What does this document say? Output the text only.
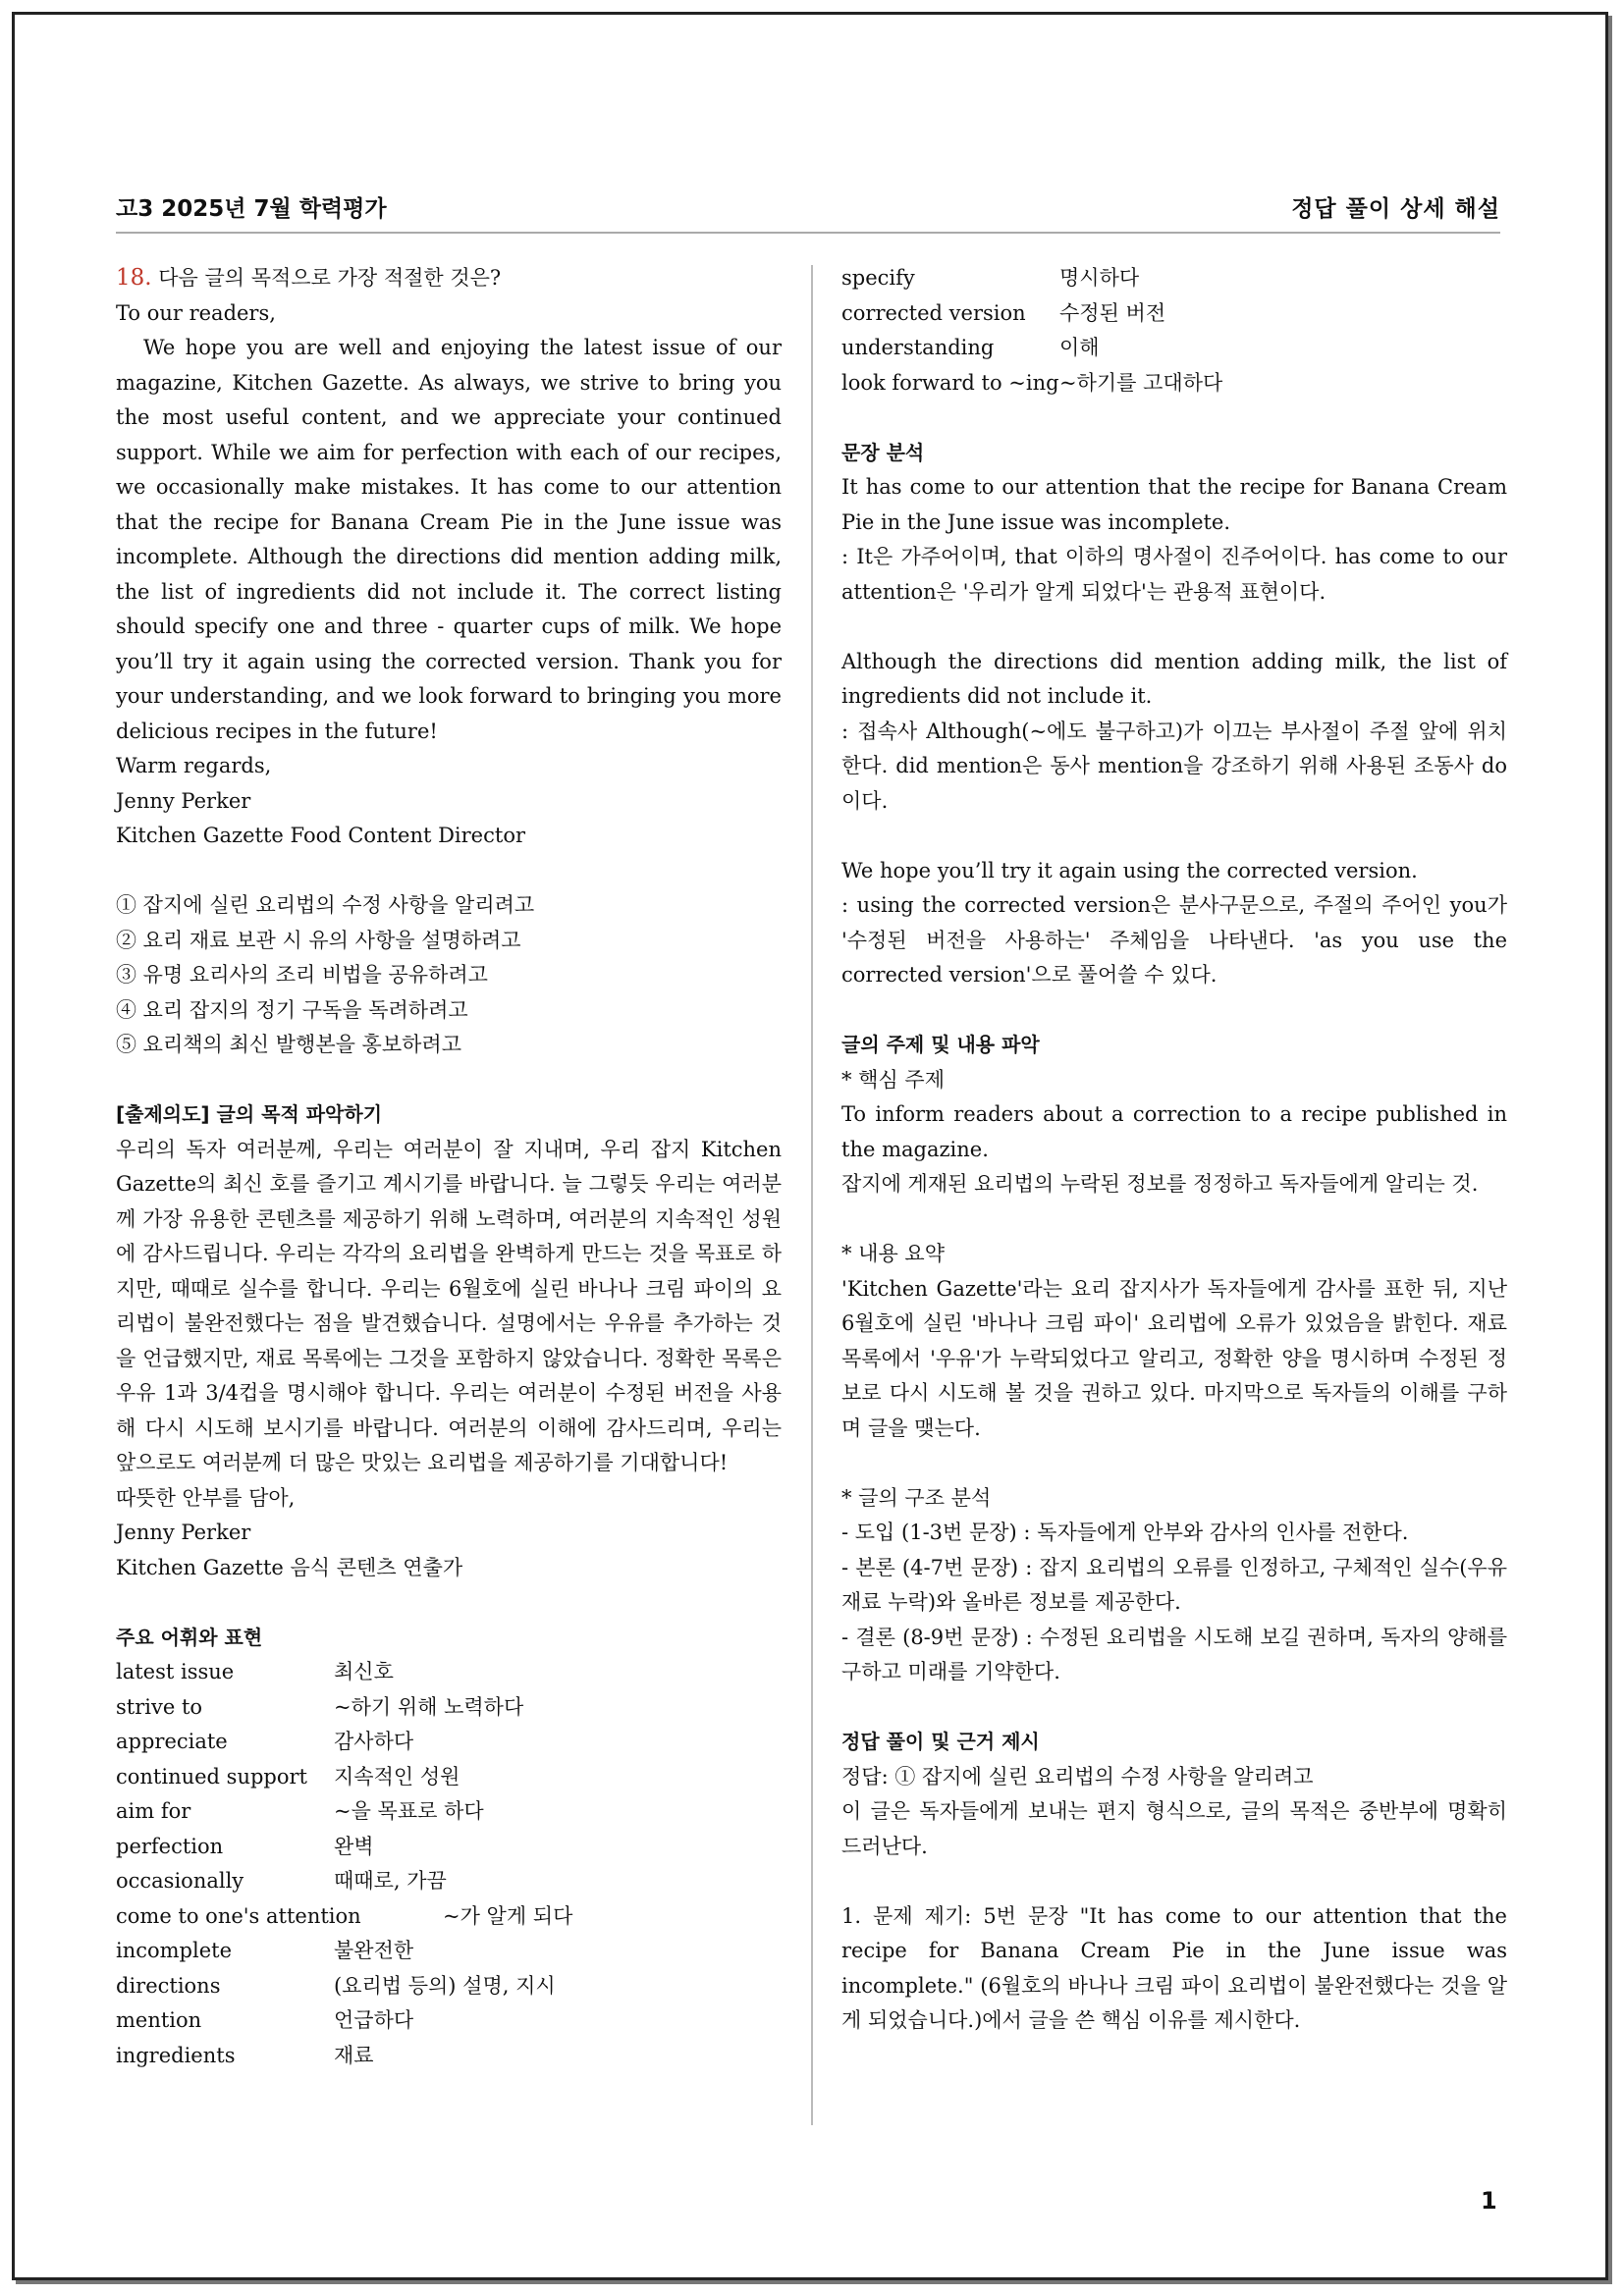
고3 2025년 7월 학력평가	정답 풀이 상세 해설

18. 다음 글의 목적으로 가장 적절한 것은?

To our readers,

We hope you are well and enjoying the latest issue of our magazine, Kitchen Gazette. As always, we strive to bring you the most useful content, and we appreciate your continued support. While we aim for perfection with each of our recipes, we occasionally make mistakes. It has come to our attention that the recipe for Banana Cream Pie in the June issue was incomplete. Although the directions did mention adding milk, the list of ingredients did not include it. The correct listing should specify one and three - quarter cups of milk. We hope you’ll try it again using the corrected version. Thank you for your understanding, and we look forward to bringing you more delicious recipes in the future!

Warm regards,

Jenny Perker

Kitchen Gazette Food Content Director

① 잡지에 실린 요리법의 수정 사항을 알리려고

② 요리 재료 보관 시 유의 사항을 설명하려고

③ 유명 요리사의 조리 비법을 공유하려고

④ 요리 잡지의 정기 구독을 독려하려고

⑤ 요리책의 최신 발행본을 홍보하려고

[출제의도] 글의 목적 파악하기

우리의 독자 여러분께, 우리는 여러분이 잘 지내며, 우리 잡지 Kitchen Gazette의 최신 호를 즐기고 계시기를 바랍니다. 늘 그렇듯 우리는 여러분께 가장 유용한 콘텐츠를 제공하기 위해 노력하며, 여러분의 지속적인 성원에 감사드립니다. 우리는 각각의 요리법을 완벽하게 만드는 것을 목표로 하지만, 때때로 실수를 합니다. 우리는 6월호에 실린 바나나 크림 파이의 요리법이 불완전했다는 점을 발견했습니다. 설명에서는 우유를 추가하는 것을 언급했지만, 재료 목록에는 그것을 포함하지 않았습니다. 정확한 목록은 우유 1과 3/4컵을 명시해야 합니다. 우리는 여러분이 수정된 버전을 사용해 다시 시도해 보시기를 바랍니다. 여러분의 이해에 감사드리며, 우리는 앞으로도 여러분께 더 많은 맛있는 요리법을 제공하기를 기대합니다!

따뜻한 안부를 담아,

Jenny Perker

Kitchen Gazette 음식 콘텐츠 연출가

주요 어휘와 표현

latest issue	최신호
strive to	~하기 위해 노력하다
appreciate	감사하다
continued support	지속적인 성원
aim for	~을 목표로 하다
perfection	완벽
occasionally	때때로, 가끔
come to one's attention	~가 알게 되다
incomplete	불완전한
directions	(요리법 등의) 설명, 지시
mention	언급하다
ingredients	재료
specify	명시하다
corrected version	수정된 버전
understanding	이해
look forward to ~ing ~하기를 고대하다

문장 분석

It has come to our attention that the recipe for Banana Cream Pie in the June issue was incomplete.

: It은 가주어이며, that 이하의 명사절이 진주어이다. has come to our attention은 '우리가 알게 되었다'는 관용적 표현이다.

Although the directions did mention adding milk, the list of ingredients did not include it.

: 접속사 Although(~에도 불구하고)가 이끄는 부사절이 주절 앞에 위치한다. did mention은 동사 mention을 강조하기 위해 사용된 조동사 do이다.

We hope you’ll try it again using the corrected version.

: using the corrected version은 분사구문으로, 주절의 주어인 you가 '수정된 버전을 사용하는' 주체임을 나타낸다. 'as you use the corrected version'으로 풀어쓸 수 있다.

글의 주제 및 내용 파악

* 핵심 주제

To inform readers about a correction to a recipe published in the magazine.

잡지에 게재된 요리법의 누락된 정보를 정정하고 독자들에게 알리는 것.

* 내용 요약

'Kitchen Gazette'라는 요리 잡지사가 독자들에게 감사를 표한 뒤, 지난 6월호에 실린 '바나나 크림 파이' 요리법에 오류가 있었음을 밝힌다. 재료 목록에서 '우유'가 누락되었다고 알리고, 정확한 양을 명시하며 수정된 정보로 다시 시도해 볼 것을 권하고 있다. 마지막으로 독자들의 이해를 구하며 글을 맺는다.

* 글의 구조 분석

- 도입 (1-3번 문장) : 독자들에게 안부와 감사의 인사를 전한다.

- 본론 (4-7번 문장) : 잡지 요리법의 오류를 인정하고, 구체적인 실수(우유 재료 누락)와 올바른 정보를 제공한다.

- 결론 (8-9번 문장) : 수정된 요리법을 시도해 보길 권하며, 독자의 양해를 구하고 미래를 기약한다.

정답 풀이 및 근거 제시

정답: ① 잡지에 실린 요리법의 수정 사항을 알리려고

이 글은 독자들에게 보내는 편지 형식으로, 글의 목적은 중반부에 명확히 드러난다.

1. 문제 제기: 5번 문장 "It has come to our attention that the recipe for Banana Cream Pie in the June issue was incomplete." (6월호의 바나나 크림 파이 요리법이 불완전했다는 것을 알게 되었습니다.)에서 글을 쓴 핵심 이유를 제시한다.

1
